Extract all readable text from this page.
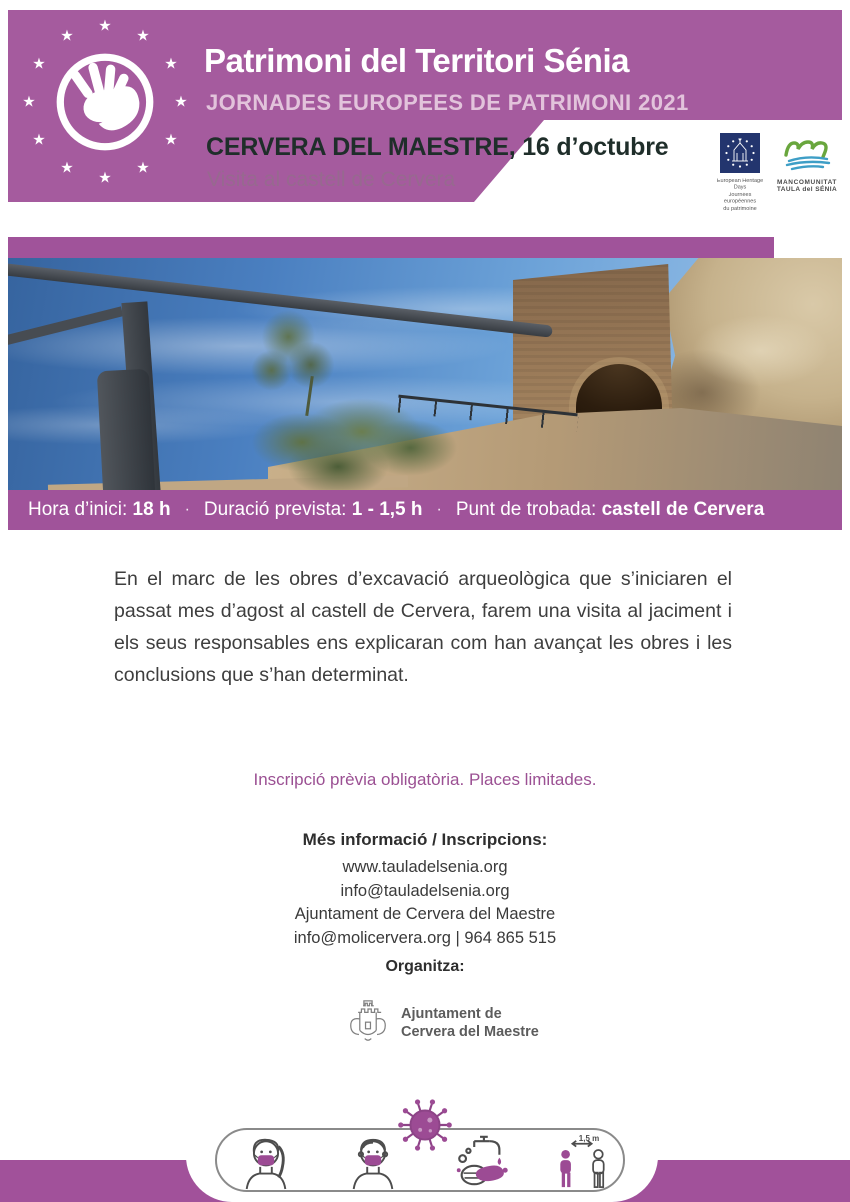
★
★
★
★
★
★
★
★
★
★
★
★
Patrimoni del Territori Sénia
JORNADES EUROPEES DE PATRIMONI 2021
CERVERA DEL MAESTRE, 16 d’octubre
Visita al castell de Cervera	European Heritage Days
Journées européennes
du patrimoine
MANCOMUNITAT
TAULA del SÉNIA
Hora d’inici: 18 h · Duració prevista: 1 - 1,5 h · Punt de trobada: castell de Cervera

En el marc de les obres d’excavació arqueològica que s’iniciaren el passat mes d’agost al castell de Cervera, farem una visita al jaciment i els seus responsables ens explicaran com han avançat les obres i les conclusions que s’han determinat.

Inscripció prèvia obligatòria. Places limitades.
Més informació / Inscripcions:
www.tauladelsenia.org
info@tauladelsenia.org
Ajuntament de Cervera del Maestre
info@molicervera.org | 964 865 515
Organitza:
Ajuntament de
Cervera del Maestre
1,5 m
